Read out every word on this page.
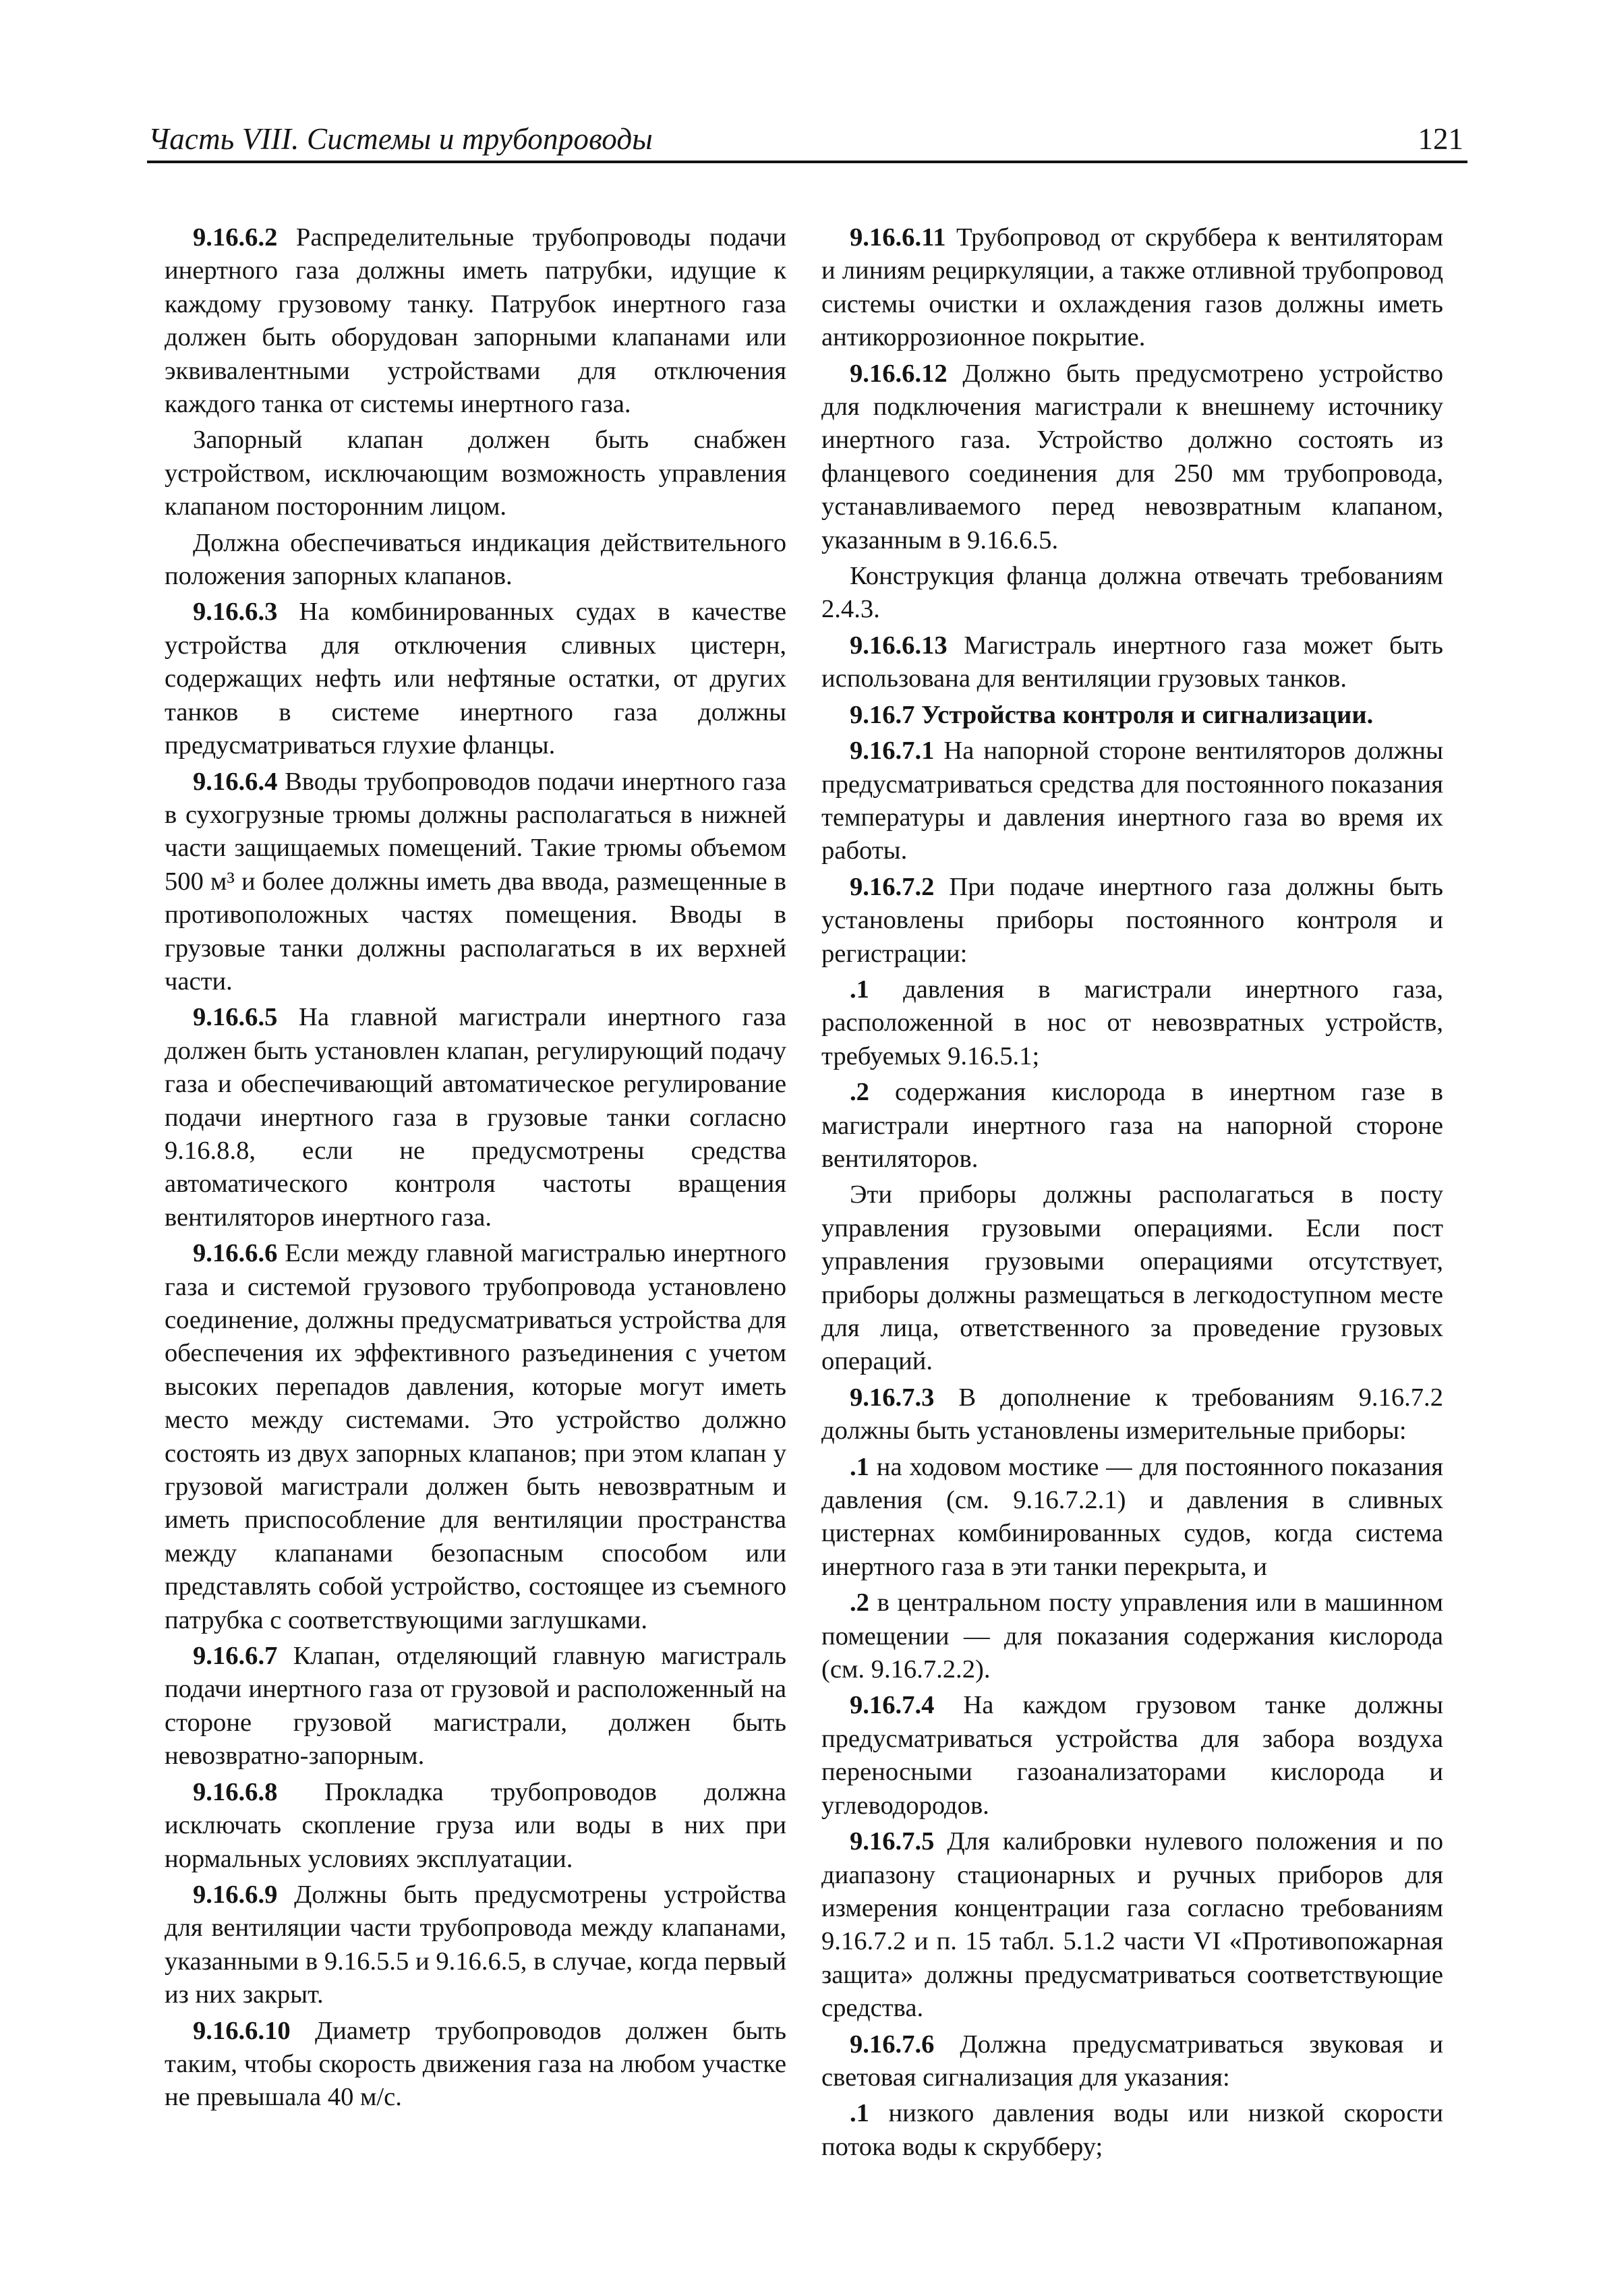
Часть VIII. Системы и трубопроводы	121

9.16.6.2 Распределительные трубопроводы подачи инертного газа должны иметь патрубки, идущие к каждому грузовому танку. Патрубок инертного газа должен быть оборудован запорными клапанами или эквивалентными устройствами для отключения каждого танка от системы инертного газа.

Запорный клапан должен быть снабжен устройством, исключающим возможность управления клапаном посторонним лицом.

Должна обеспечиваться индикация действительного положения запорных клапанов.

9.16.6.3 На комбинированных судах в качестве устройства для отключения сливных цистерн, содержащих нефть или нефтяные остатки, от других танков в системе инертного газа должны предусматриваться глухие фланцы.

9.16.6.4 Вводы трубопроводов подачи инертного газа в сухогрузные трюмы должны располагаться в нижней части защищаемых помещений. Такие трюмы объемом 500 м³ и более должны иметь два ввода, размещенные в противоположных частях помещения. Вводы в грузовые танки должны располагаться в их верхней части.

9.16.6.5 На главной магистрали инертного газа должен быть установлен клапан, регулирующий подачу газа и обеспечивающий автоматическое регулирование подачи инертного газа в грузовые танки согласно 9.16.8.8, если не предусмотрены средства автоматического контроля частоты вращения вентиляторов инертного газа.

9.16.6.6 Если между главной магистралью инертного газа и системой грузового трубопровода установлено соединение, должны предусматриваться устройства для обеспечения их эффективного разъединения с учетом высоких перепадов давления, которые могут иметь место между системами. Это устройство должно состоять из двух запорных клапанов; при этом клапан у грузовой магистрали должен быть невозвратным и иметь приспособление для вентиляции пространства между клапанами безопасным способом или представлять собой устройство, состоящее из съемного патрубка с соответствующими заглушками.

9.16.6.7 Клапан, отделяющий главную магистраль подачи инертного газа от грузовой и расположенный на стороне грузовой магистрали, должен быть невозвратно-запорным.

9.16.6.8 Прокладка трубопроводов должна исключать скопление груза или воды в них при нормальных условиях эксплуатации.

9.16.6.9 Должны быть предусмотрены устройства для вентиляции части трубопровода между клапанами, указанными в 9.16.5.5 и 9.16.6.5, в случае, когда первый из них закрыт.

9.16.6.10 Диаметр трубопроводов должен быть таким, чтобы скорость движения газа на любом участке не превышала 40 м/с.

9.16.6.11 Трубопровод от скруббера к вентиляторам и линиям рециркуляции, а также отливной трубопровод системы очистки и охлаждения газов должны иметь антикоррозионное покрытие.

9.16.6.12 Должно быть предусмотрено устройство для подключения магистрали к внешнему источнику инертного газа. Устройство должно состоять из фланцевого соединения для 250 мм трубопровода, устанавливаемого перед невозвратным клапаном, указанным в 9.16.6.5.

Конструкция фланца должна отвечать требованиям 2.4.3.

9.16.6.13 Магистраль инертного газа может быть использована для вентиляции грузовых танков.

9.16.7 Устройства контроля и сигнализации.

9.16.7.1 На напорной стороне вентиляторов должны предусматриваться средства для постоянного показания температуры и давления инертного газа во время их работы.

9.16.7.2 При подаче инертного газа должны быть установлены приборы постоянного контроля и регистрации:

.1 давления в магистрали инертного газа, расположенной в нос от невозвратных устройств, требуемых 9.16.5.1;

.2 содержания кислорода в инертном газе в магистрали инертного газа на напорной стороне вентиляторов.

Эти приборы должны располагаться в посту управления грузовыми операциями. Если пост управления грузовыми операциями отсутствует, приборы должны размещаться в легкодоступном месте для лица, ответственного за проведение грузовых операций.

9.16.7.3 В дополнение к требованиям 9.16.7.2 должны быть установлены измерительные приборы:

.1 на ходовом мостике — для постоянного показания давления (см. 9.16.7.2.1) и давления в сливных цистернах комбинированных судов, когда система инертного газа в эти танки перекрыта, и

.2 в центральном посту управления или в машинном помещении — для показания содержания кислорода (см. 9.16.7.2.2).

9.16.7.4 На каждом грузовом танке должны предусматриваться устройства для забора воздуха переносными газоанализаторами кислорода и углеводородов.

9.16.7.5 Для калибровки нулевого положения и по диапазону стационарных и ручных приборов для измерения концентрации газа согласно требованиям 9.16.7.2 и п. 15 табл. 5.1.2 части VI «Противопожарная защита» должны предусматриваться соответствующие средства.

9.16.7.6 Должна предусматриваться звуковая и световая сигнализация для указания:

.1 низкого давления воды или низкой скорости потока воды к скрубберу;
